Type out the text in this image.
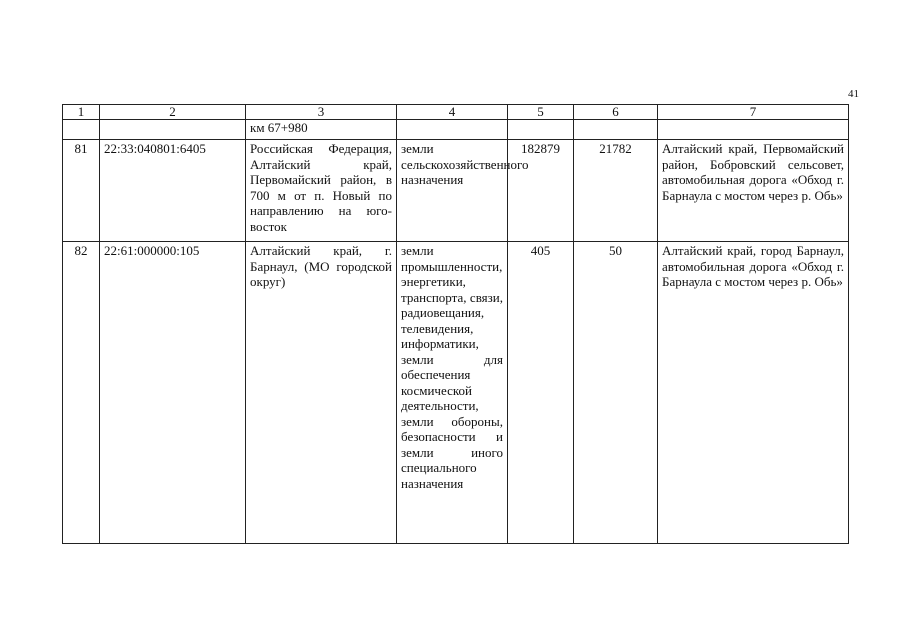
41
1	2	3	4	5	6	7
		км 67+980				
81	22:33:040801:6405	Российская Федерация, Алтайский край, Первомайский район, в 700 м от п. Новый по направлению на юго-восток	земли сельскохозяйственного назначения	182879	21782	Алтайский край, Первомайский район, Бобровский сельсовет, автомобильная дорога «Обход г. Барнаула с мостом через р. Обь»
82	22:61:000000:105	Алтайский край, г. Барнаул, (МО городской округ)	земли промышленности, энергетики, транспорта, связи, радиовещания, телевидения, информатики, земли для обеспечения космической деятельности, земли обороны, безопасности и земли иного специального назначения	405	50	Алтайский край, город Барнаул, автомобильная дорога «Обход г. Барнаула с мостом через р. Обь»
